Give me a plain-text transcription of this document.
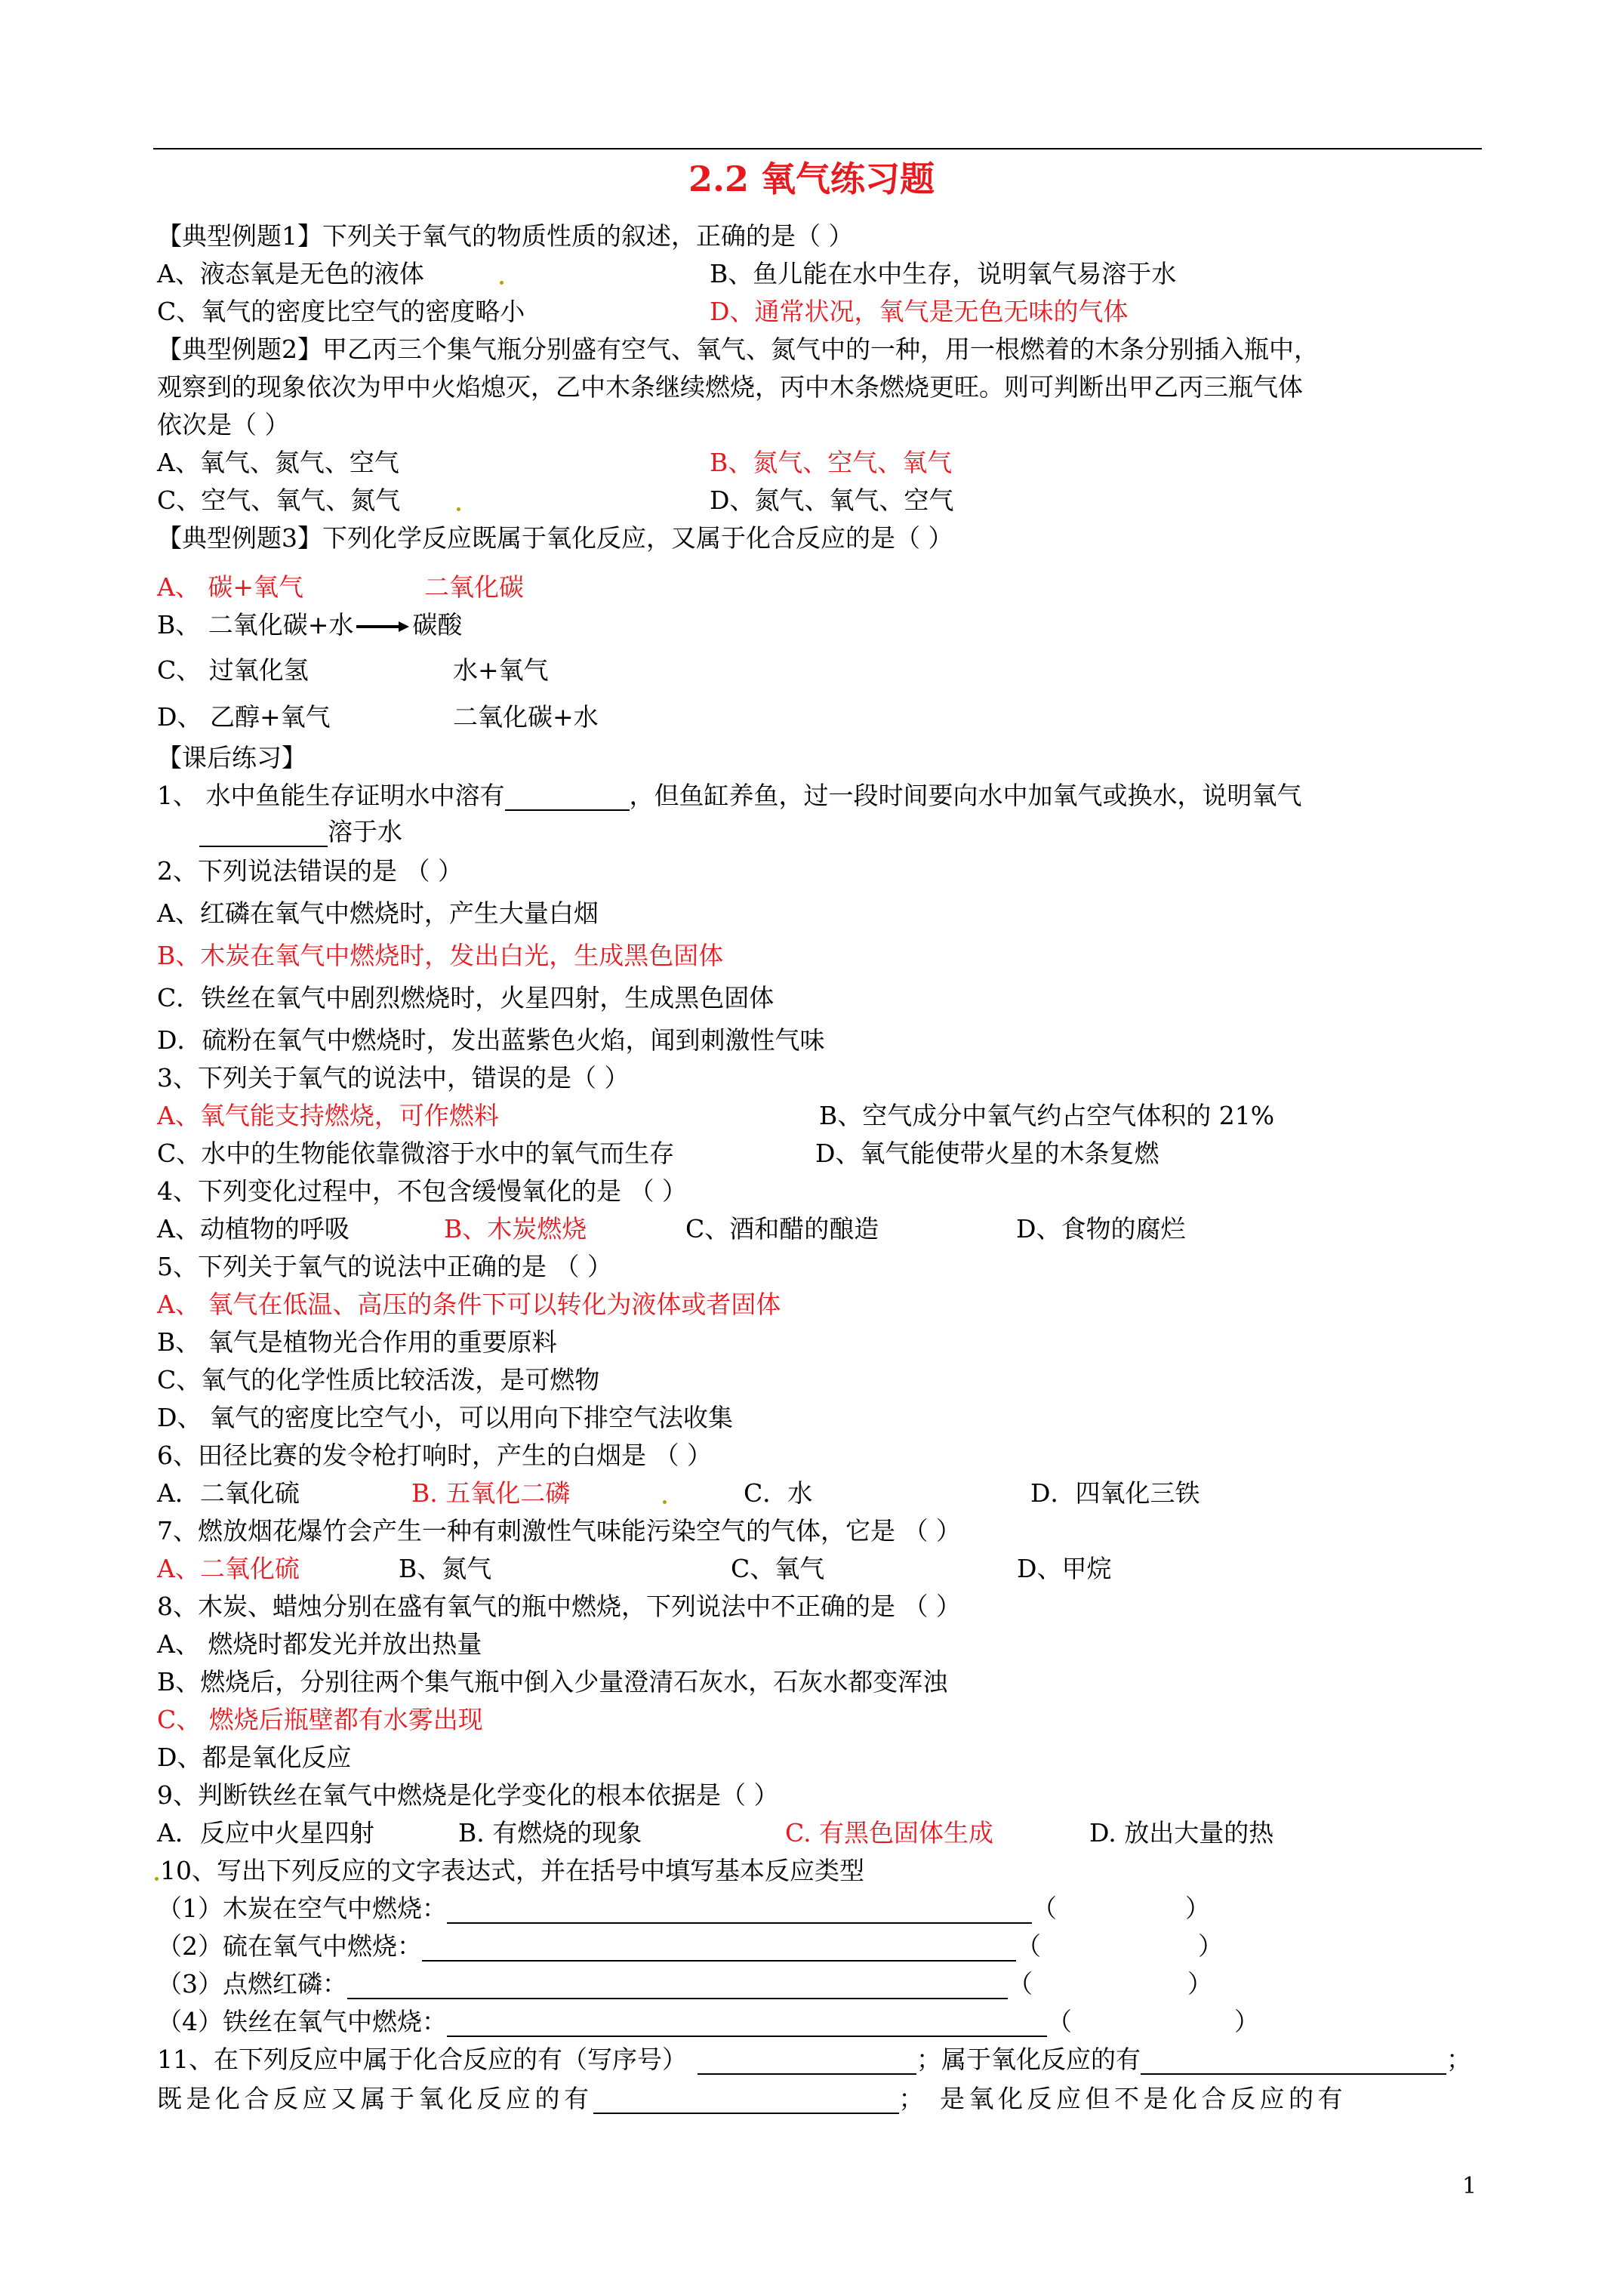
2.2 氧气练习题
【典型例题1】下列关于氧气的物质性质的叙述，正确的是（ ）
A、液态氧是无色的液体	B、鱼儿能在水中生存，说明氧气易溶于水
C、氧气的密度比空气的密度略小	D、通常状况，氧气是无色无味的气体
【典型例题2】甲乙丙三个集气瓶分别盛有空气、氧气、氮气中的一种，用一根燃着的木条分别插入瓶中，
观察到的现象依次为甲中火焰熄灭，乙中木条继续燃烧，丙中木条燃烧更旺。则可判断出甲乙丙三瓶气体
依次是（ ）
A、氧气、氮气、空气	B、氮气、空气、氧气
C、空气、氧气、氮气	D、氮气、氧气、空气
【典型例题3】下列化学反应既属于氧化反应，又属于化合反应的是（ ）
A、 碳+氧气	二氧化碳
B、 二氧化碳+水 → 碳酸
C、 过氧化氢	水+氧气
D、 乙醇+氧气	二氧化碳+水
【课后练习】
1、 水中鱼能生存证明水中溶有	，但鱼缸养鱼，过一段时间要向水中加氧气或换水，说明氧气
溶于水
2、下列说法错误的是 （ ）
A、红磷在氧气中燃烧时，产生大量白烟
B、木炭在氧气中燃烧时，发出白光，生成黑色固体
C．铁丝在氧气中剧烈燃烧时，火星四射，生成黑色固体
D．硫粉在氧气中燃烧时，发出蓝紫色火焰，闻到刺激性气味
3、下列关于氧气的说法中，错误的是（ ）
A、氧气能支持燃烧，可作燃料	B、空气成分中氧气约占空气体积的 21%
C、水中的生物能依靠微溶于水中的氧气而生存	D、氧气能使带火星的木条复燃
4、下列变化过程中，不包含缓慢氧化的是 （ ）
A、动植物的呼吸	B、木炭燃烧	C、酒和醋的酿造	D、食物的腐烂
5、下列关于氧气的说法中正确的是 （ ）
A、 氧气在低温、高压的条件下可以转化为液体或者固体
B、 氧气是植物光合作用的重要原料
C、氧气的化学性质比较活泼，是可燃物
D、 氧气的密度比空气小，可以用向下排空气法收集
6、田径比赛的发令枪打响时，产生的白烟是 （ ）
A．二氧化硫	B. 五氧化二磷	C．水	D．四氧化三铁
7、燃放烟花爆竹会产生一种有刺激性气味能污染空气的气体，它是 （ ）
A、二氧化硫	B、氮气	C、氧气	D、甲烷
8、木炭、蜡烛分别在盛有氧气的瓶中燃烧，下列说法中不正确的是 （ ）
A、 燃烧时都发光并放出热量
B、燃烧后，分别往两个集气瓶中倒入少量澄清石灰水，石灰水都变浑浊
C、 燃烧后瓶壁都有水雾出现
D、都是氧化反应
9、判断铁丝在氧气中燃烧是化学变化的根本依据是（ ）
A．反应中火星四射	B. 有燃烧的现象	C. 有黑色固体生成	D. 放出大量的热
10、写出下列反应的文字表达式，并在括号中填写基本反应类型
（1）木炭在空气中燃烧：	（	）
（2）硫在氧气中燃烧：	（	）
（3）点燃红磷：	（	）
（4）铁丝在氧气中燃烧：	（	）
11、在下列反应中属于化合反应的有（写序号）	；属于氧化反应的有	；
既是化合反应又属于氧化反应的有	； 是氧化反应但不是化合反应的有
1
